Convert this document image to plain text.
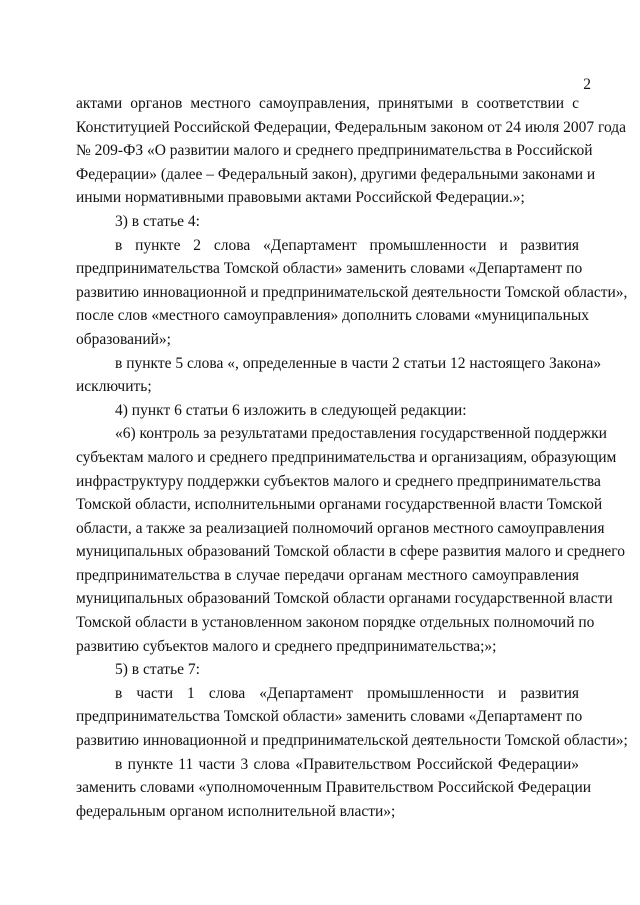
2
актами органов местного самоуправления, принятыми в соответствии с
Конституцией Российской Федерации, Федеральным законом от 24 июля 2007 года
№ 209-ФЗ «О развитии малого и среднего предпринимательства в Российской
Федерации» (далее – Федеральный закон), другими федеральными законами и
иными нормативными правовыми актами Российской Федерации.»;
3) в статье 4:
в пункте 2 слова «Департамент промышленности и развития
предпринимательства Томской области» заменить словами «Департамент по
развитию инновационной и предпринимательской деятельности Томской области»,
после слов «местного самоуправления» дополнить словами «муниципальных
образований»;
в пункте 5 слова «, определенные в части 2 статьи 12 настоящего Закона»
исключить;
4) пункт 6 статьи 6 изложить в следующей редакции:
«6) контроль за результатами предоставления государственной поддержки
субъектам малого и среднего предпринимательства и организациям, образующим
инфраструктуру поддержки субъектов малого и среднего предпринимательства
Томской области, исполнительными органами государственной власти Томской
области, а также за реализацией полномочий органов местного самоуправления
муниципальных образований Томской области в сфере развития малого и среднего
предпринимательства в случае передачи органам местного самоуправления
муниципальных образований Томской области органами государственной власти
Томской области в установленном законом порядке отдельных полномочий по
развитию субъектов малого и среднего предпринимательства;»;
5) в статье 7:
в части 1 слова «Департамент промышленности и развития
предпринимательства Томской области» заменить словами «Департамент по
развитию инновационной и предпринимательской деятельности Томской области»;
в пункте 11 части 3 слова «Правительством Российской Федерации»
заменить словами «уполномоченным Правительством Российской Федерации
федеральным органом исполнительной власти»;
